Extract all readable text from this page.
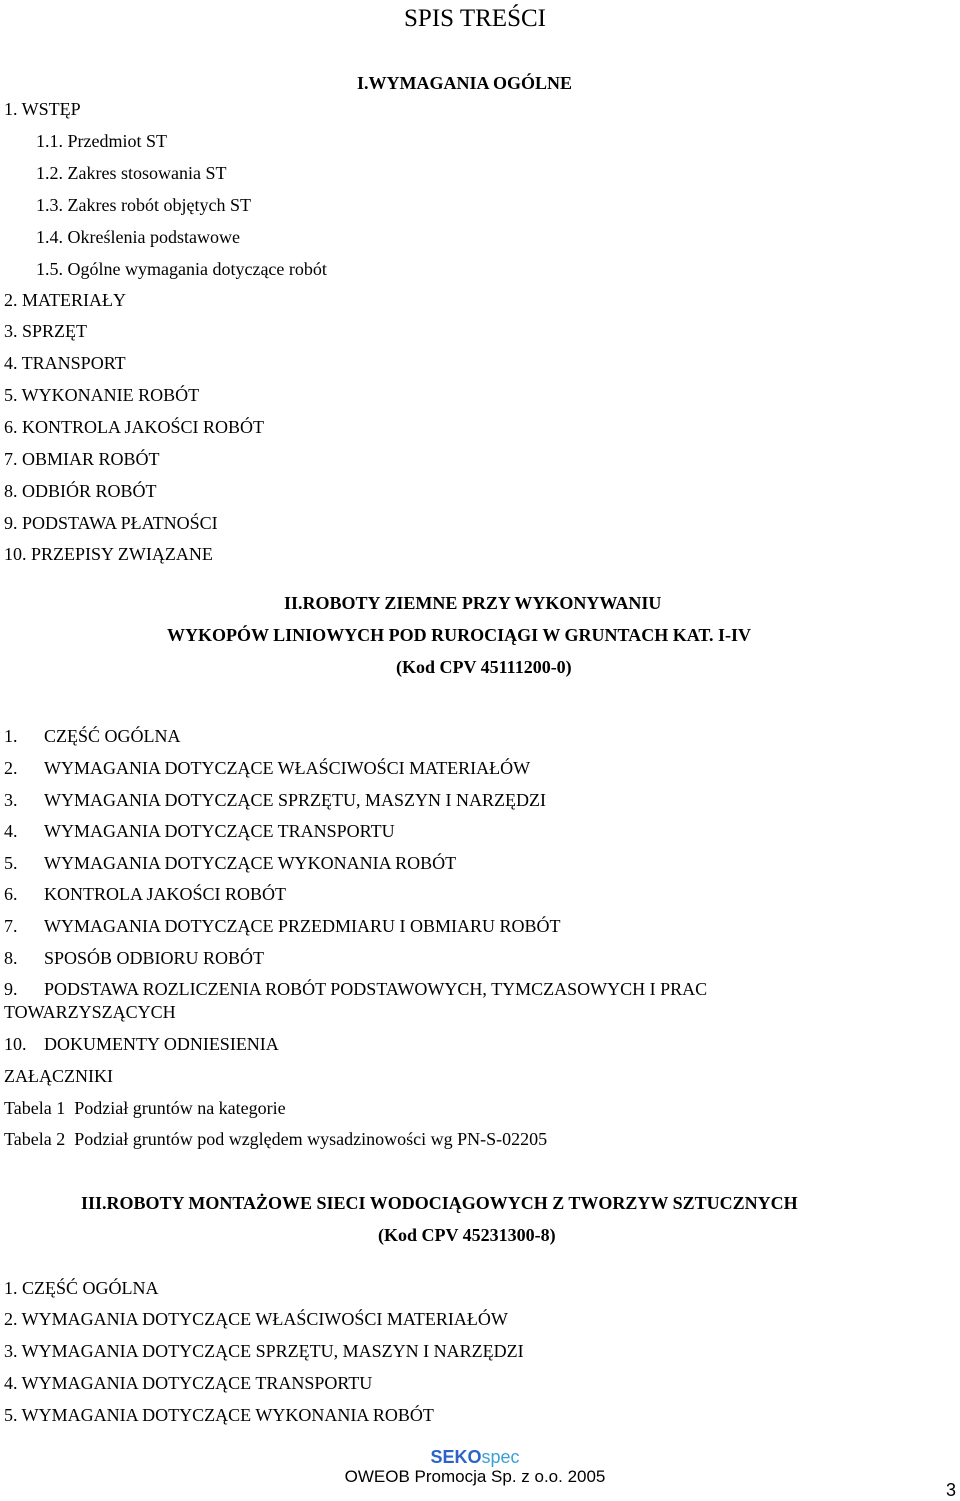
SPIS TREŚCI
I.WYMAGANIA OGÓLNE
1. WSTĘP
1.1. Przedmiot ST
1.2. Zakres stosowania ST
1.3. Zakres robót objętych ST
1.4. Określenia podstawowe
1.5. Ogólne wymagania dotyczące robót
2. MATERIAŁY
3. SPRZĘT
4. TRANSPORT
5. WYKONANIE ROBÓT
6. KONTROLA JAKOŚCI ROBÓT
7. OBMIAR ROBÓT
8. ODBIÓR ROBÓT
9. PODSTAWA PŁATNOŚCI
10. PRZEPISY ZWIĄZANE
II.ROBOTY ZIEMNE PRZY WYKONYWANIU
WYKOPÓW LINIOWYCH POD RUROCIĄGI W GRUNTACH KAT. I-IV
(Kod CPV 45111200-0)
1. CZĘŚĆ OGÓLNA
2. WYMAGANIA DOTYCZĄCE WŁAŚCIWOŚCI MATERIAŁÓW
3. WYMAGANIA DOTYCZĄCE SPRZĘTU, MASZYN I NARZĘDZI
4. WYMAGANIA DOTYCZĄCE TRANSPORTU
5. WYMAGANIA DOTYCZĄCE WYKONANIA ROBÓT
6. KONTROLA JAKOŚCI ROBÓT
7. WYMAGANIA DOTYCZĄCE PRZEDMIARU I OBMIARU ROBÓT
8. SPOSÓB ODBIORU ROBÓT
9. PODSTAWA ROZLICZENIA ROBÓT PODSTAWOWYCH, TYMCZASOWYCH I PRAC
TOWARZYSZĄCYCH
10. DOKUMENTY ODNIESIENIA
ZAŁĄCZNIKI
Tabela 1  Podział gruntów na kategorie
Tabela 2  Podział gruntów pod względem wysadzinowości wg PN-S-02205
III.ROBOTY MONTAŻOWE SIECI WODOCIĄGOWYCH Z TWORZYW SZTUCZNYCH
(Kod CPV 45231300-8)
1. CZĘŚĆ OGÓLNA
2. WYMAGANIA DOTYCZĄCE WŁAŚCIWOŚCI MATERIAŁÓW
3. WYMAGANIA DOTYCZĄCE SPRZĘTU, MASZYN I NARZĘDZI
4. WYMAGANIA DOTYCZĄCE TRANSPORTU
5. WYMAGANIA DOTYCZĄCE WYKONANIA ROBÓT
SEKOspec
OWEOB Promocja Sp. z o.o. 2005
3
